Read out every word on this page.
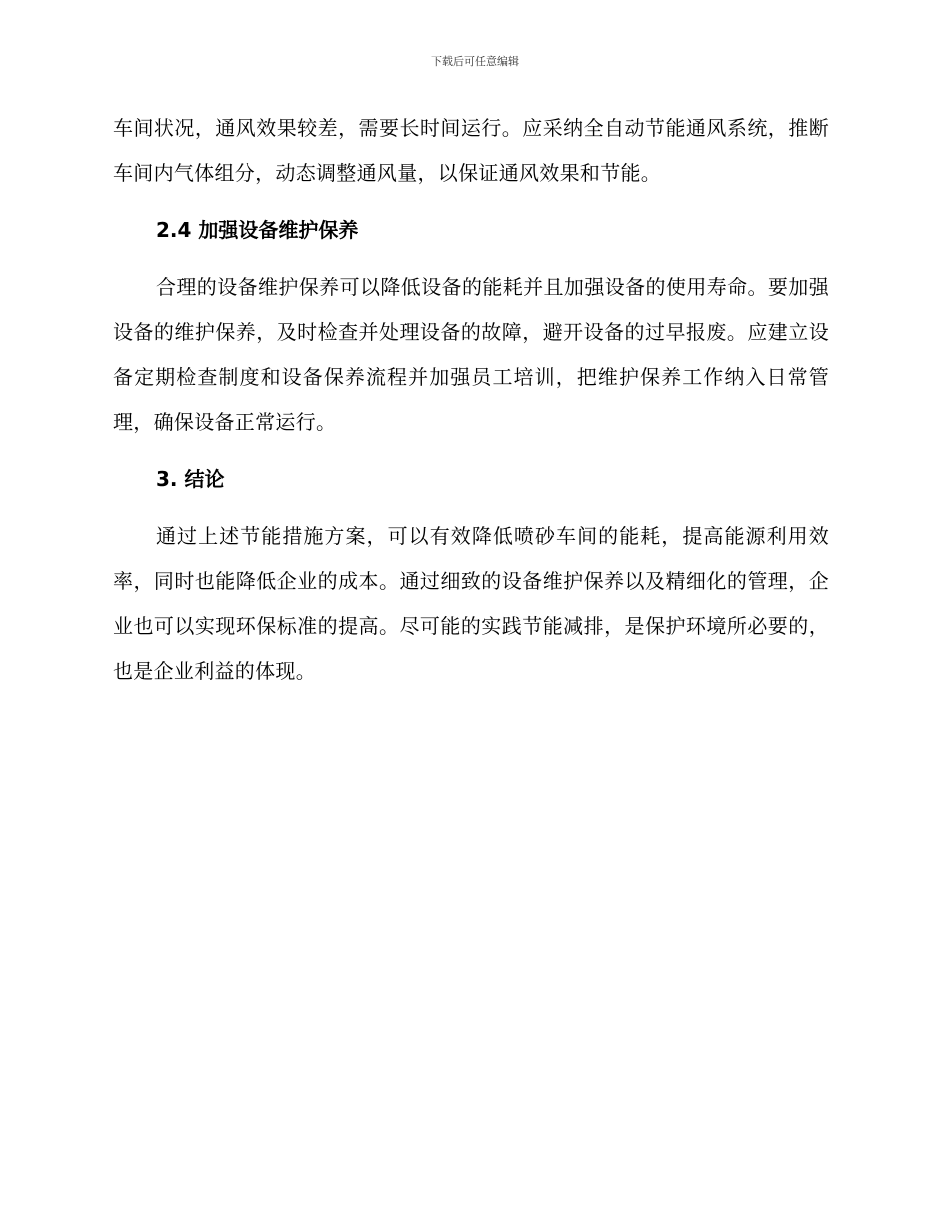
下载后可任意编辑

车间状况，通风效果较差，需要长时间运行。应采纳全自动节能通风系统，推断车间内气体组分，动态调整通风量，以保证通风效果和节能。

2.4 加强设备维护保养

合理的设备维护保养可以降低设备的能耗并且加强设备的使用寿命。要加强设备的维护保养，及时检查并处理设备的故障，避开设备的过早报废。应建立设备定期检查制度和设备保养流程并加强员工培训，把维护保养工作纳入日常管理，确保设备正常运行。

3. 结论

通过上述节能措施方案，可以有效降低喷砂车间的能耗，提高能源利用效率，同时也能降低企业的成本。通过细致的设备维护保养以及精细化的管理，企业也可以实现环保标准的提高。尽可能的实践节能减排，是保护环境所必要的，也是企业利益的体现。
